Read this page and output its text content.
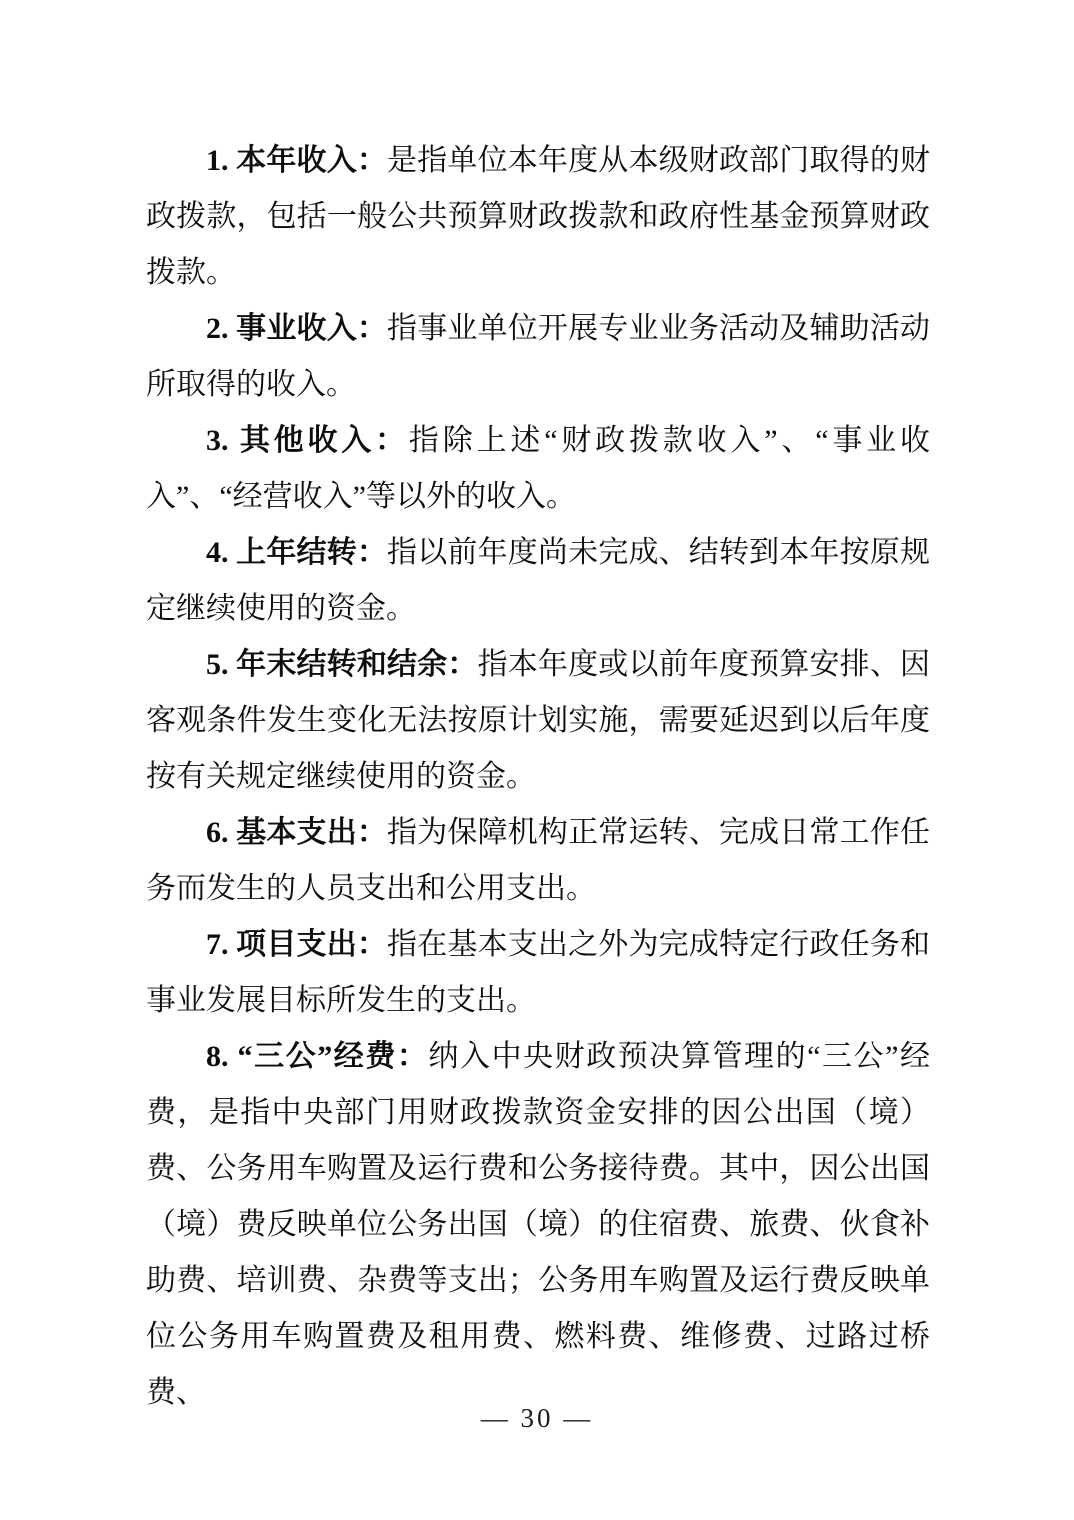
1. 本年收入：是指单位本年度从本级财政部门取得的财政拨款，包括一般公共预算财政拨款和政府性基金预算财政拨款。

2. 事业收入：指事业单位开展专业业务活动及辅助活动所取得的收入。

3. 其他收入：指除上述“财政拨款收入”、“事业收入”、“经营收入”等以外的收入。

4. 上年结转：指以前年度尚未完成、结转到本年按原规定继续使用的资金。

5. 年末结转和结余：指本年度或以前年度预算安排、因客观条件发生变化无法按原计划实施，需要延迟到以后年度按有关规定继续使用的资金。

6. 基本支出：指为保障机构正常运转、完成日常工作任务而发生的人员支出和公用支出。

7. 项目支出：指在基本支出之外为完成特定行政任务和事业发展目标所发生的支出。

8. “三公”经费：纳入中央财政预决算管理的“三公”经费，是指中央部门用财政拨款资金安排的因公出国（境）费、公务用车购置及运行费和公务接待费。其中，因公出国（境）费反映单位公务出国（境）的住宿费、旅费、伙食补助费、培训费、杂费等支出；公务用车购置及运行费反映单位公务用车购置费及租用费、燃料费、维修费、过路过桥费、

— 30 —
